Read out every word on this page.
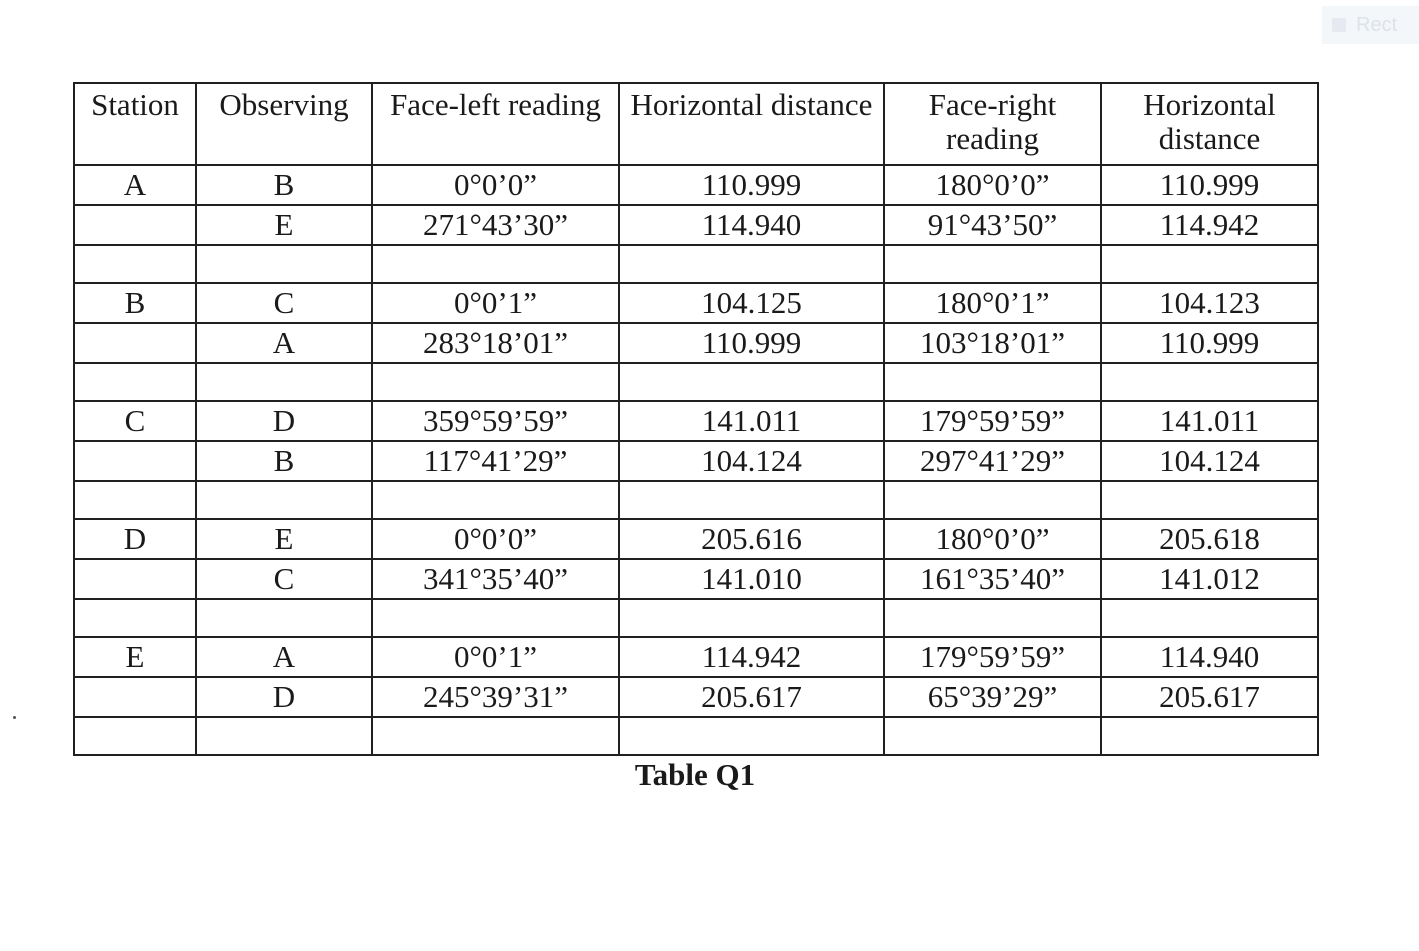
Rect
Station	Observing	Face-left reading	Horizontal distance	Face-right reading	Horizontal distance
A	B	0°0’0”	110.999	180°0’0”	110.999
	E	271°43’30”	114.940	91°43’50”	114.942

B	C	0°0’1”	104.125	180°0’1”	104.123
	A	283°18’01”	110.999	103°18’01”	110.999

C	D	359°59’59”	141.011	179°59’59”	141.011
	B	117°41’29”	104.124	297°41’29”	104.124

D	E	0°0’0”	205.616	180°0’0”	205.618
	C	341°35’40”	141.010	161°35’40”	141.012

E	A	0°0’1”	114.942	179°59’59”	114.940
	D	245°39’31”	205.617	65°39’29”	205.617

Table Q1
